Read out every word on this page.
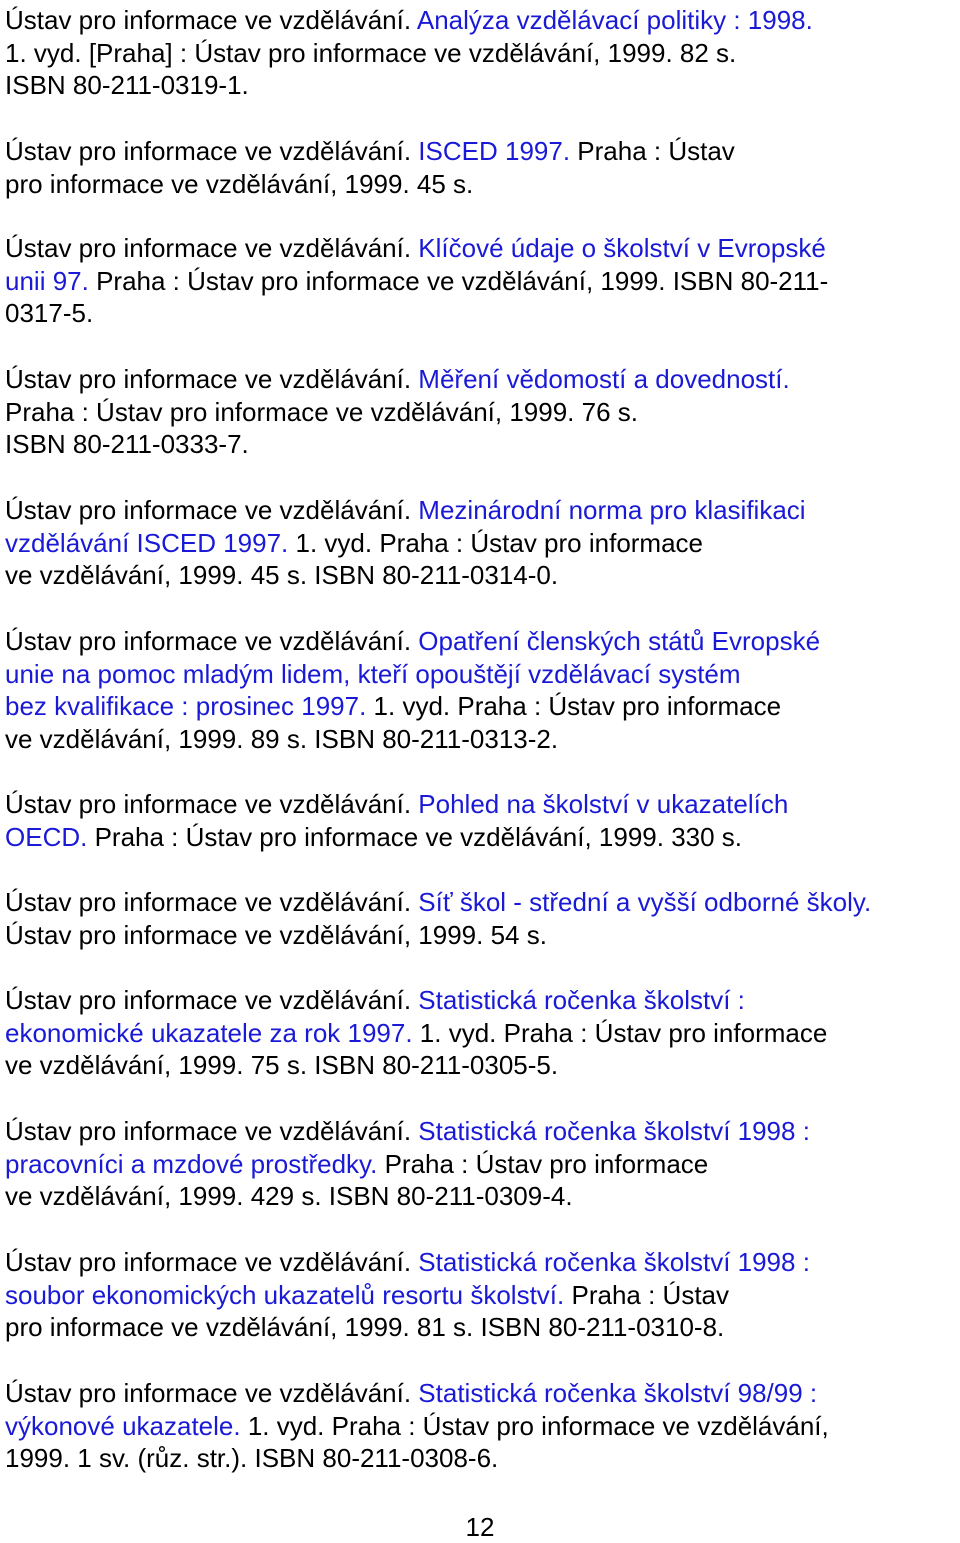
Ústav pro informace ve vzdělávání. Analýza vzdělávací politiky : 1998.
1. vyd. [Praha] : Ústav pro informace ve vzdělávání, 1999. 82 s.
ISBN 80-211-0319-1.

Ústav pro informace ve vzdělávání. ISCED 1997. Praha : Ústav
pro informace ve vzdělávání, 1999. 45 s.

Ústav pro informace ve vzdělávání. Klíčové údaje o školství v Evropské
unii 97. Praha : Ústav pro informace ve vzdělávání, 1999. ISBN 80-211-
0317-5.

Ústav pro informace ve vzdělávání. Měření vědomostí a dovedností.
Praha : Ústav pro informace ve vzdělávání, 1999. 76 s.
ISBN 80-211-0333-7.

Ústav pro informace ve vzdělávání. Mezinárodní norma pro klasifikaci
vzdělávání ISCED 1997. 1. vyd. Praha : Ústav pro informace
ve vzdělávání, 1999. 45 s. ISBN 80-211-0314-0.

Ústav pro informace ve vzdělávání. Opatření členských států Evropské
unie na pomoc mladým lidem, kteří opouštějí vzdělávací systém
bez kvalifikace : prosinec 1997. 1. vyd. Praha : Ústav pro informace
ve vzdělávání, 1999. 89 s. ISBN 80-211-0313-2.

Ústav pro informace ve vzdělávání. Pohled na školství v ukazatelích
OECD. Praha : Ústav pro informace ve vzdělávání, 1999. 330 s.

Ústav pro informace ve vzdělávání. Síť škol - střední a vyšší odborné školy.
Ústav pro informace ve vzdělávání, 1999. 54 s.

Ústav pro informace ve vzdělávání. Statistická ročenka školství :
ekonomické ukazatele za rok 1997. 1. vyd. Praha : Ústav pro informace
ve vzdělávání, 1999. 75 s. ISBN 80-211-0305-5.

Ústav pro informace ve vzdělávání. Statistická ročenka školství 1998 :
pracovníci a mzdové prostředky. Praha : Ústav pro informace
ve vzdělávání, 1999. 429 s. ISBN 80-211-0309-4.

Ústav pro informace ve vzdělávání. Statistická ročenka školství 1998 :
soubor ekonomických ukazatelů resortu školství. Praha : Ústav
pro informace ve vzdělávání, 1999. 81 s. ISBN 80-211-0310-8.

Ústav pro informace ve vzdělávání. Statistická ročenka školství 98/99 :
výkonové ukazatele. 1. vyd. Praha : Ústav pro informace ve vzdělávání,
1999. 1 sv. (růz. str.). ISBN 80-211-0308-6.

12
